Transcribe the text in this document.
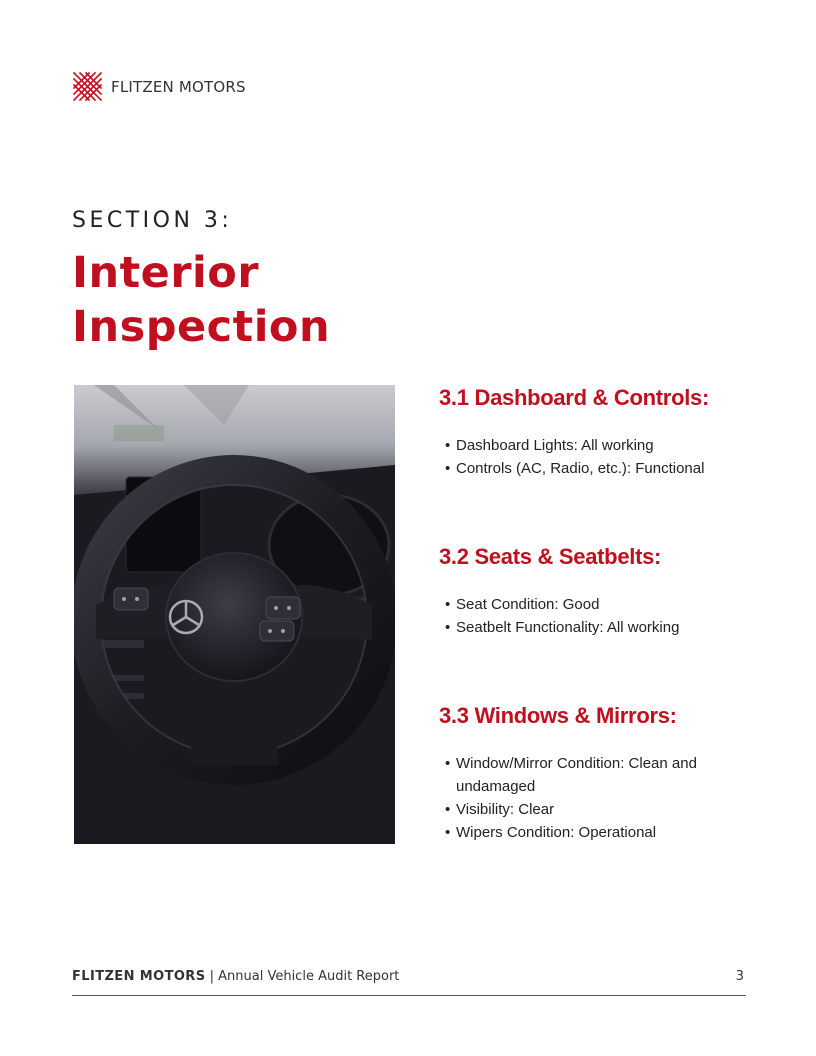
FLITZEN MOTORS
SECTION 3:
Interior
Inspection
3.1 Dashboard & Controls:
• Dashboard Lights: All working
• Controls (AC, Radio, etc.): Functional
3.2 Seats & Seatbelts:
• Seat Condition: Good
• Seatbelt Functionality: All working
3.3 Windows & Mirrors:
• Window/Mirror Condition: Clean and undamaged
• Visibility: Clear
• Wipers Condition: Operational
FLITZEN MOTORS | Annual Vehicle Audit Report	3
